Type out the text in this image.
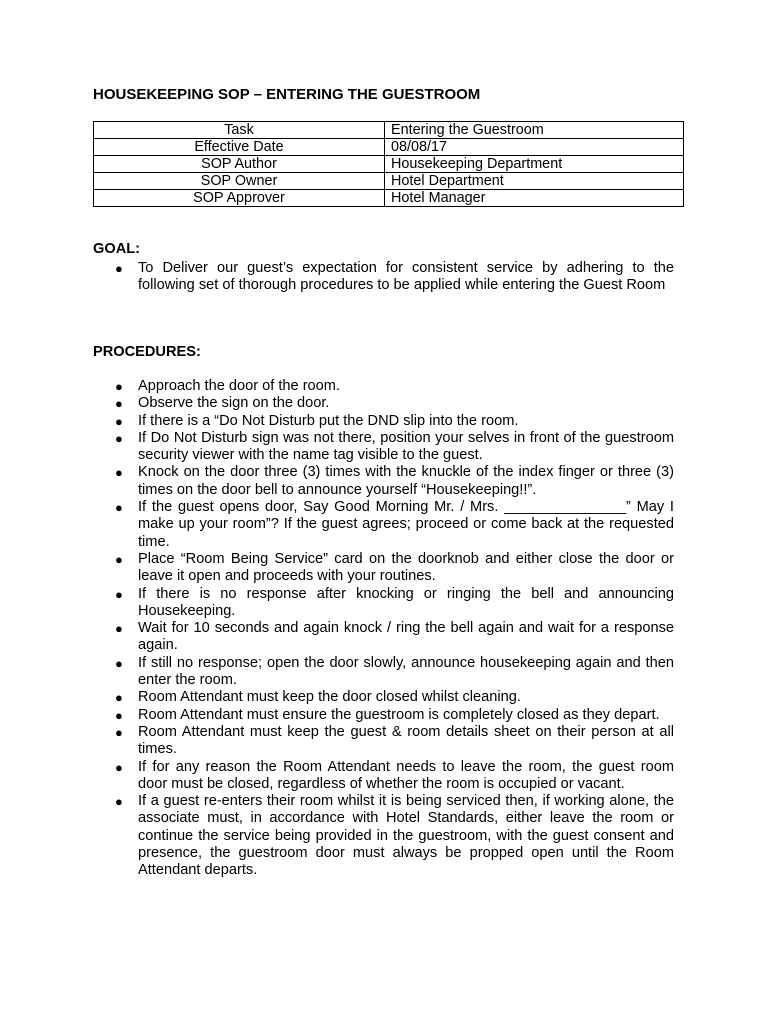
HOUSEKEEPING SOP – ENTERING THE GUESTROOM
Task	Entering the Guestroom
Effective Date	08/08/17
SOP Author	Housekeeping Department
SOP Owner	Hotel Department
SOP Approver	Hotel Manager
GOAL:
● To Deliver our guest’s expectation for consistent service by adhering to the following set of thorough procedures to be applied while entering the Guest Room
PROCEDURES:
● Approach the door of the room.
● Observe the sign on the door.
● If there is a “Do Not Disturb put the DND slip into the room.
● If Do Not Disturb sign was not there, position your selves in front of the guestroom security viewer with the name tag visible to the guest.
● Knock on the door three (3) times with the knuckle of the index finger or three (3) times on the door bell to announce yourself “Housekeeping!!”.
● If the guest opens door, Say Good Morning Mr. / Mrs. _______________” May I make up your room”? If the guest agrees; proceed or come back at the requested time.
● Place “Room Being Service” card on the doorknob and either close the door or leave it open and proceeds with your routines.
● If there is no response after knocking or ringing the bell and announcing Housekeeping.
● Wait for 10 seconds and again knock / ring the bell again and wait for a response again.
● If still no response; open the door slowly, announce housekeeping again and then enter the room.
● Room Attendant must keep the door closed whilst cleaning.
● Room Attendant must ensure the guestroom is completely closed as they depart.
● Room Attendant must keep the guest & room details sheet on their person at all times.
● If for any reason the Room Attendant needs to leave the room, the guest room door must be closed, regardless of whether the room is occupied or vacant.
● If a guest re-enters their room whilst it is being serviced then, if working alone, the associate must, in accordance with Hotel Standards, either leave the room or continue the service being provided in the guestroom, with the guest consent and presence, the guestroom door must always be propped open until the Room Attendant departs.
